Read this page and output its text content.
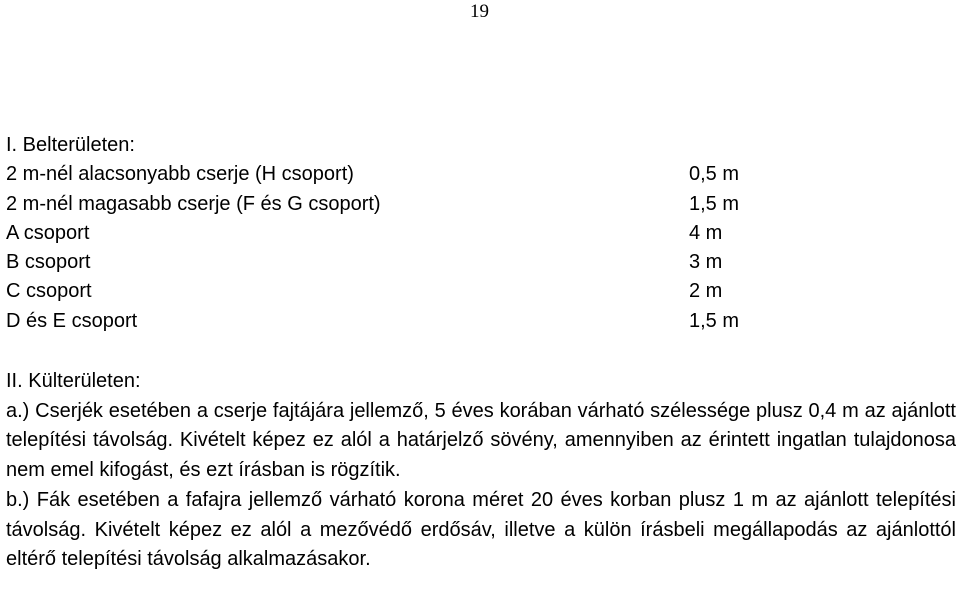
19
I. Belterületen:
2 m-nél alacsonyabb cserje (H csoport)	0,5 m
2 m-nél magasabb cserje (F és G csoport)	1,5 m
A csoport	4 m
B csoport	3 m
C csoport	2 m
D és E csoport	1,5 m
II. Külterületen:
a.) Cserjék esetében a cserje fajtájára jellemző, 5 éves korában várható szélessége plusz 0,4 m az ajánlott telepítési távolság. Kivételt képez ez alól a határjelző sövény, amennyiben az érintett ingatlan tulajdonosa nem emel kifogást, és ezt írásban is rögzítik.
b.) Fák esetében a fafajra jellemző várható korona méret 20 éves korban plusz 1 m az ajánlott telepítési távolság. Kivételt képez ez alól a mezővédő erdősáv, illetve a külön írásbeli megállapodás az ajánlottól eltérő telepítési távolság alkalmazásakor.
